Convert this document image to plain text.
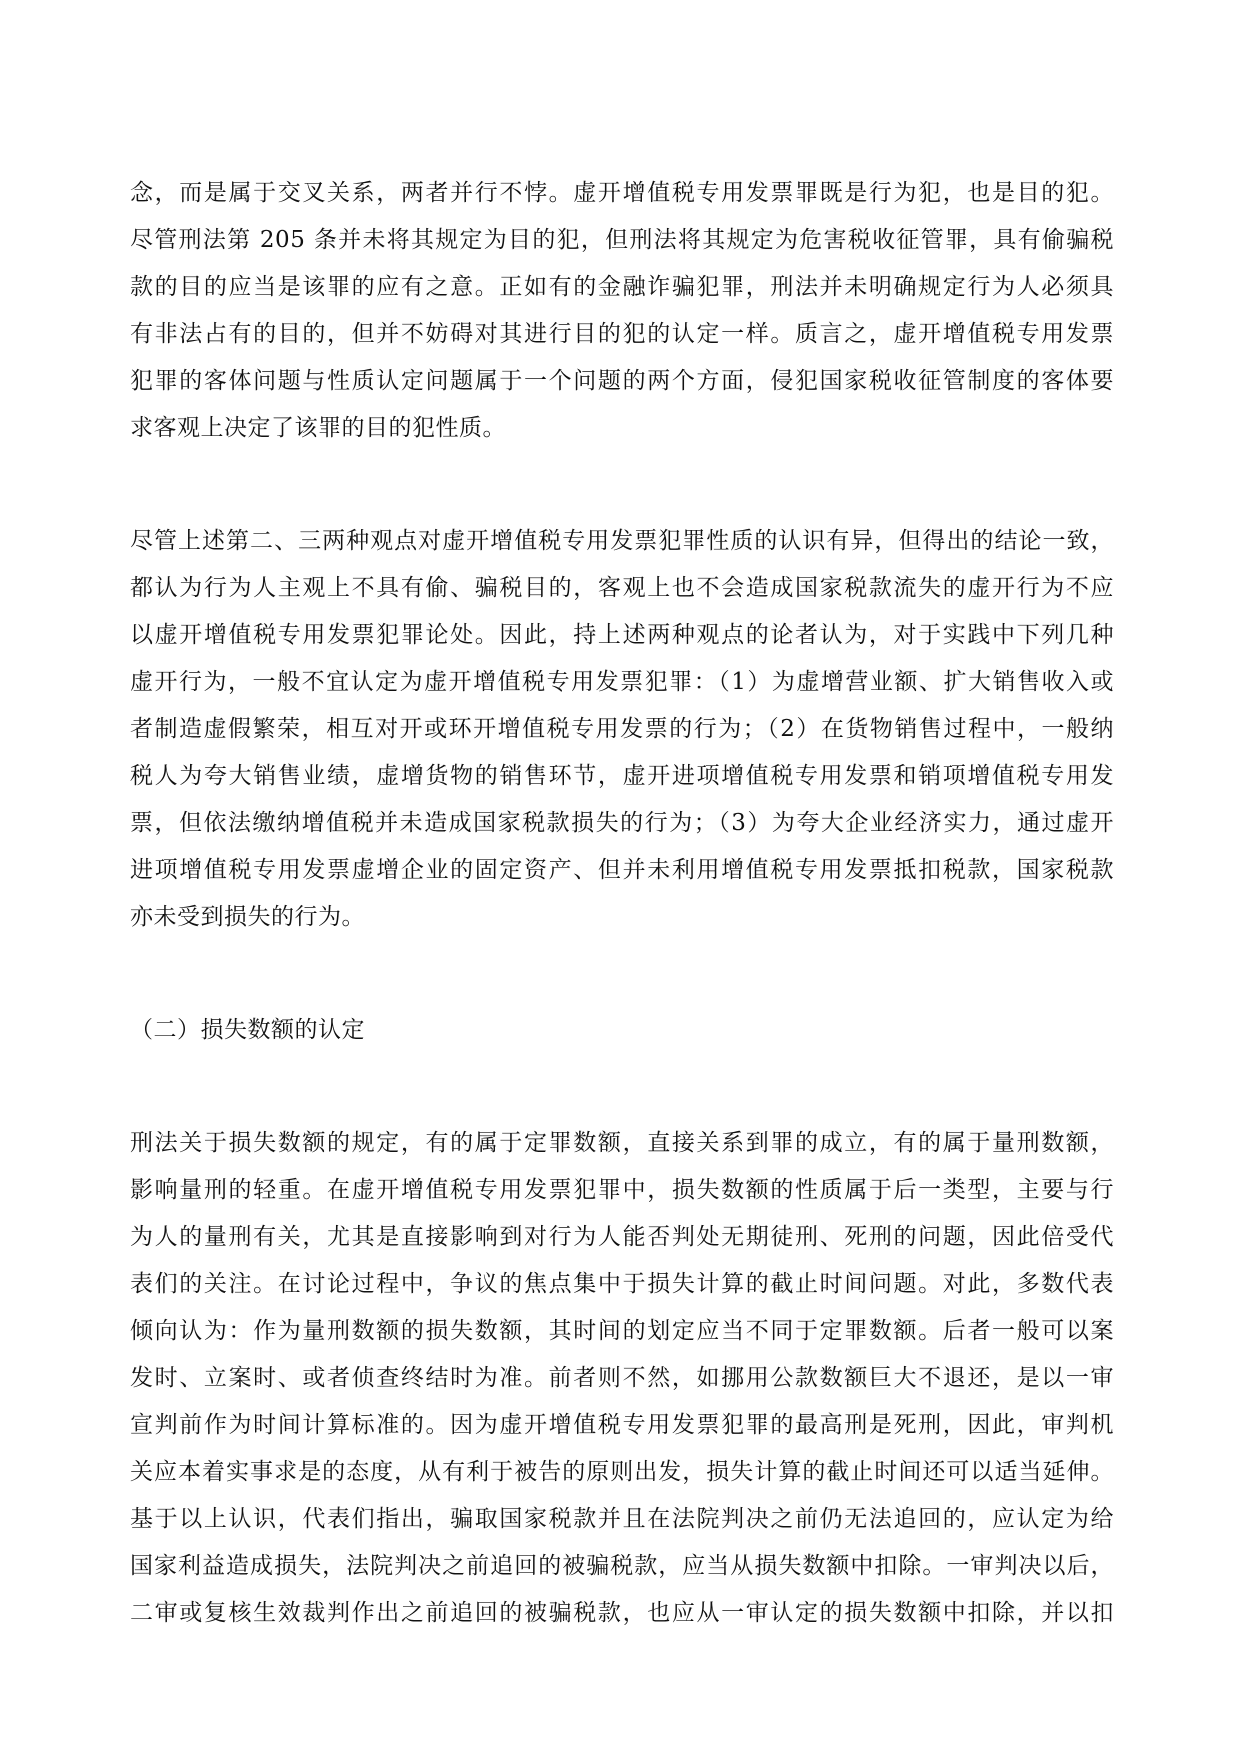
念，而是属于交叉关系，两者并行不悖。虚开增值税专用发票罪既是行为犯，也是目的犯。
尽管刑法第 205 条并未将其规定为目的犯，但刑法将其规定为危害税收征管罪，具有偷骗税
款的目的应当是该罪的应有之意。正如有的金融诈骗犯罪，刑法并未明确规定行为人必须具
有非法占有的目的，但并不妨碍对其进行目的犯的认定一样。质言之，虚开增值税专用发票
犯罪的客体问题与性质认定问题属于一个问题的两个方面，侵犯国家税收征管制度的客体要
求客观上决定了该罪的目的犯性质。
尽管上述第二、三两种观点对虚开增值税专用发票犯罪性质的认识有异，但得出的结论一致，
都认为行为人主观上不具有偷、骗税目的，客观上也不会造成国家税款流失的虚开行为不应
以虚开增值税专用发票犯罪论处。因此，持上述两种观点的论者认为，对于实践中下列几种
虚开行为，一般不宜认定为虚开增值税专用发票犯罪：（1）为虚增营业额、扩大销售收入或
者制造虚假繁荣，相互对开或环开增值税专用发票的行为；（2）在货物销售过程中，一般纳
税人为夸大销售业绩，虚增货物的销售环节，虚开进项增值税专用发票和销项增值税专用发
票，但依法缴纳增值税并未造成国家税款损失的行为；（3）为夸大企业经济实力，通过虚开
进项增值税专用发票虚增企业的固定资产、但并未利用增值税专用发票抵扣税款，国家税款
亦未受到损失的行为。
（二）损失数额的认定
刑法关于损失数额的规定，有的属于定罪数额，直接关系到罪的成立，有的属于量刑数额，
影响量刑的轻重。在虚开增值税专用发票犯罪中，损失数额的性质属于后一类型，主要与行
为人的量刑有关，尤其是直接影响到对行为人能否判处无期徒刑、死刑的问题，因此倍受代
表们的关注。在讨论过程中，争议的焦点集中于损失计算的截止时间问题。对此，多数代表
倾向认为：作为量刑数额的损失数额，其时间的划定应当不同于定罪数额。后者一般可以案
发时、立案时、或者侦查终结时为准。前者则不然，如挪用公款数额巨大不退还，是以一审
宣判前作为时间计算标准的。因为虚开增值税专用发票犯罪的最高刑是死刑，因此，审判机
关应本着实事求是的态度，从有利于被告的原则出发，损失计算的截止时间还可以适当延伸。
基于以上认识，代表们指出，骗取国家税款并且在法院判决之前仍无法追回的，应认定为给
国家利益造成损失，法院判决之前追回的被骗税款，应当从损失数额中扣除。一审判决以后，
二审或复核生效裁判作出之前追回的被骗税款，也应从一审认定的损失数额中扣除，并以扣
